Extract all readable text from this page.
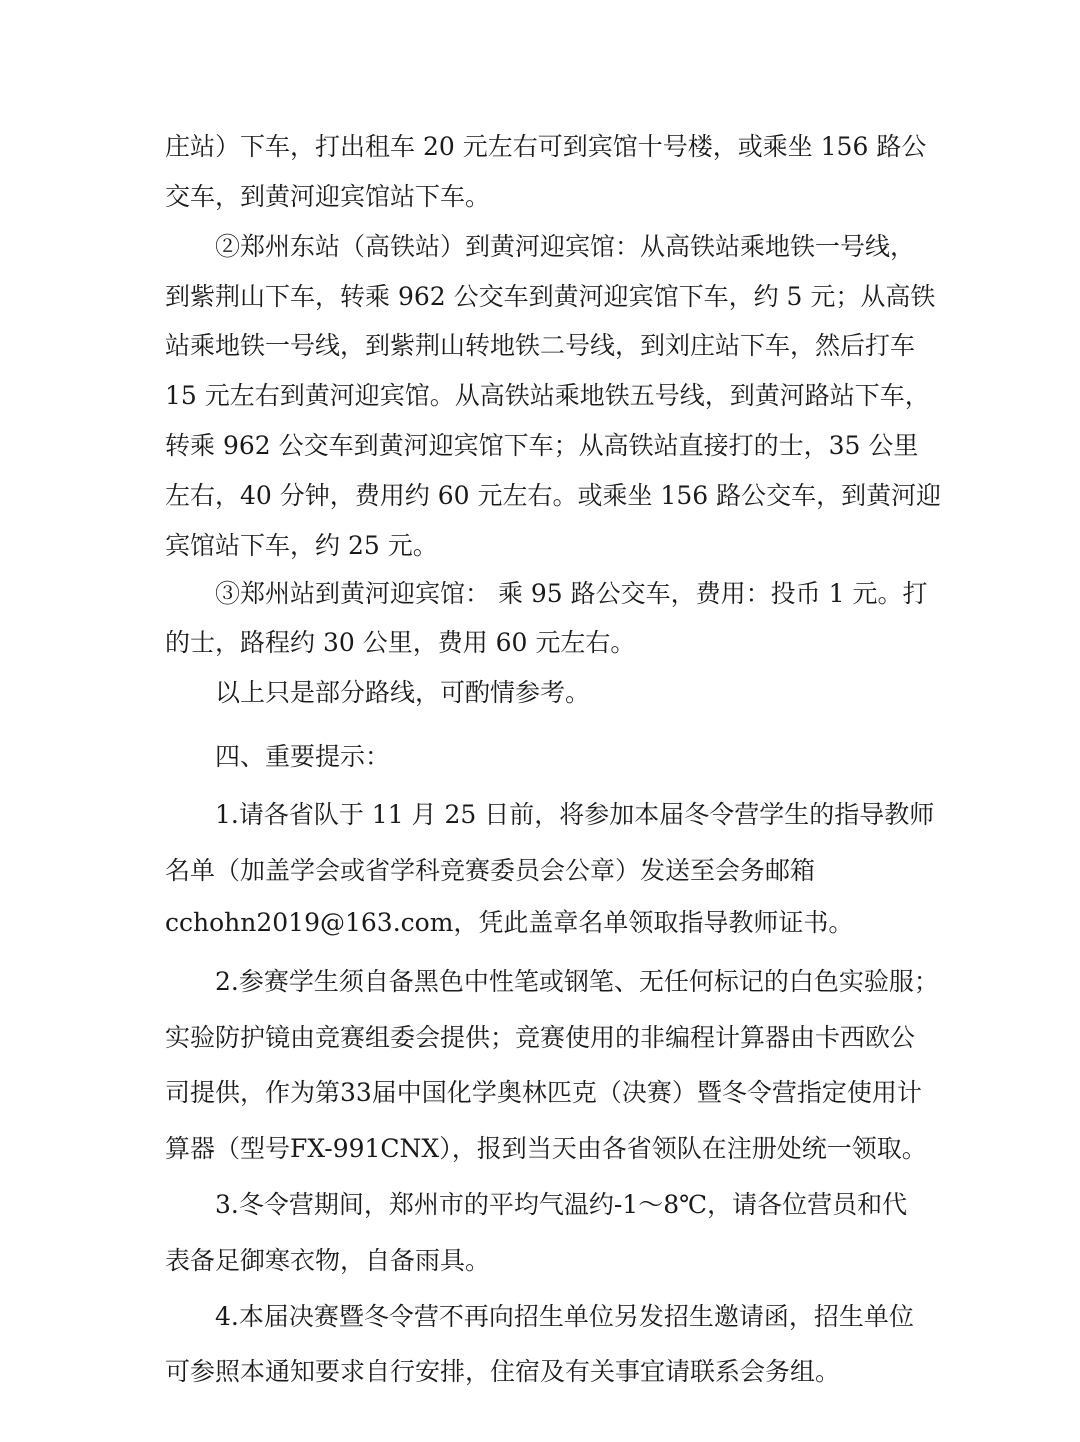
庄站）下车，打出租车 20 元左右可到宾馆十号楼，或乘坐 156 路公
交车，到黄河迎宾馆站下车。
②郑州东站（高铁站）到黄河迎宾馆：从高铁站乘地铁一号线，
到紫荆山下车，转乘 962 公交车到黄河迎宾馆下车，约 5 元；从高铁
站乘地铁一号线，到紫荆山转地铁二号线，到刘庄站下车，然后打车
15 元左右到黄河迎宾馆。从高铁站乘地铁五号线，到黄河路站下车，
转乘 962 公交车到黄河迎宾馆下车；从高铁站直接打的士，35 公里
左右，40 分钟，费用约 60 元左右。或乘坐 156 路公交车，到黄河迎
宾馆站下车，约 25 元。
③郑州站到黄河迎宾馆： 乘 95 路公交车，费用：投币 1 元。打
的士，路程约 30 公里，费用 60 元左右。
以上只是部分路线，可酌情参考。
四、重要提示：
1.请各省队于 11 月 25 日前，将参加本届冬令营学生的指导教师
名单（加盖学会或省学科竞赛委员会公章）发送至会务邮箱
cchohn2019@163.com，凭此盖章名单领取指导教师证书。
2.参赛学生须自备黑色中性笔或钢笔、无任何标记的白色实验服；
实验防护镜由竞赛组委会提供；竞赛使用的非编程计算器由卡西欧公
司提供，作为第33届中国化学奥林匹克（决赛）暨冬令营指定使用计
算器（型号FX-991CNX），报到当天由各省领队在注册处统一领取。
3.冬令营期间，郑州市的平均气温约-1～8℃，请各位营员和代
表备足御寒衣物，自备雨具。
4.本届决赛暨冬令营不再向招生单位另发招生邀请函，招生单位
可参照本通知要求自行安排，住宿及有关事宜请联系会务组。
